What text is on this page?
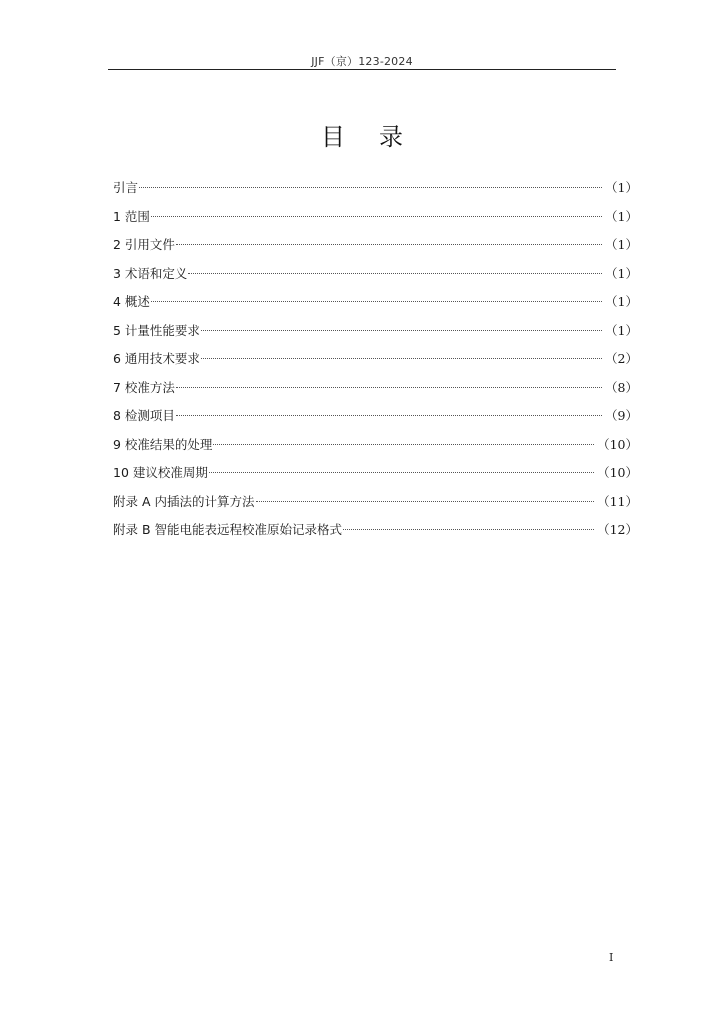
JJF（京）123-2024
目 录
引言	（1）
1 范围	（1）
2 引用文件	（1）
3 术语和定义	（1）
4 概述	（1）
5 计量性能要求	（1）
6 通用技术要求	（2）
7 校准方法	（8）
8 检测项目	（9）
9 校准结果的处理	（10）
10 建议校准周期	（10）
附录 A 内插法的计算方法	（11）
附录 B 智能电能表远程校准原始记录格式	（12）
I
